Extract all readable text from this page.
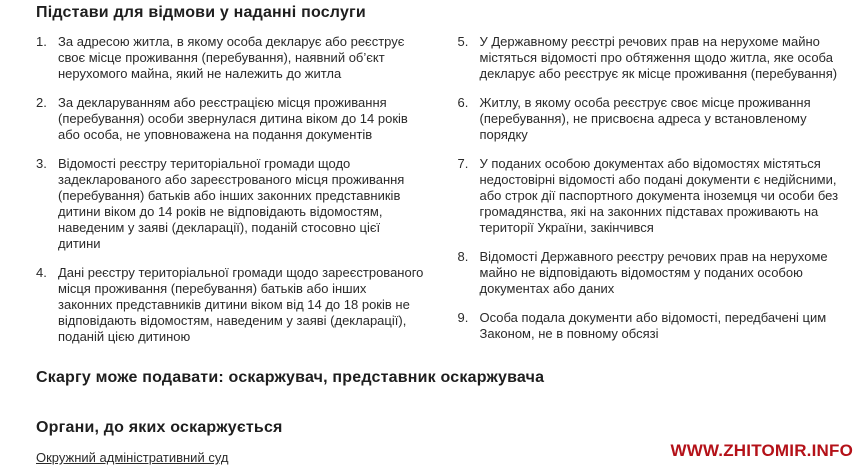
Підстави для відмови у наданні послуги
1. За адресою житла, в якому особа декларує або реєструє своє місце проживання (перебування), наявний об’єкт нерухомого майна, який не належить до житла
2. За декларуванням або реєстрацією місця проживання (перебування) особи звернулася дитина віком до 14 років або особа, не уповноважена на подання документів
3. Відомості реєстру територіальної громади щодо задекларованого або зареєстрованого місця проживання (перебування) батьків або інших законних представників дитини віком до 14 років не відповідають відомостям, наведеним у заяві (декларації), поданій стосовно цієї дитини
4. Дані реєстру територіальної громади щодо зареєстрованого місця проживання (перебування) батьків або інших законних представників дитини віком від 14 до 18 років не відповідають відомостям, наведеним у заяві (декларації), поданій цією дитиною
5. У Державному реєстрі речових прав на нерухоме майно містяться відомості про обтяження щодо житла, яке особа декларує або реєструє як місце проживання (перебування)
6. Житлу, в якому особа реєструє своє місце проживання (перебування), не присвоєна адреса у встановленому порядку
7. У поданих особою документах або відомостях містяться недостовірні відомості або подані документи є недійсними, або строк дії паспортного документа іноземця чи особи без громадянства, які на законних підставах проживають на території України, закінчився
8. Відомості Державного реєстру речових прав на нерухоме майно не відповідають відомостям у поданих особою документах або даних
9. Особа подала документи або відомості, передбачені цим Законом, не в повному обсязі
Скаргу може подавати: оскаржувач, представник оскаржувача
Органи, до яких оскаржується
Окружний адміністративний суд	WWW.ZHITOMIR.INFO
